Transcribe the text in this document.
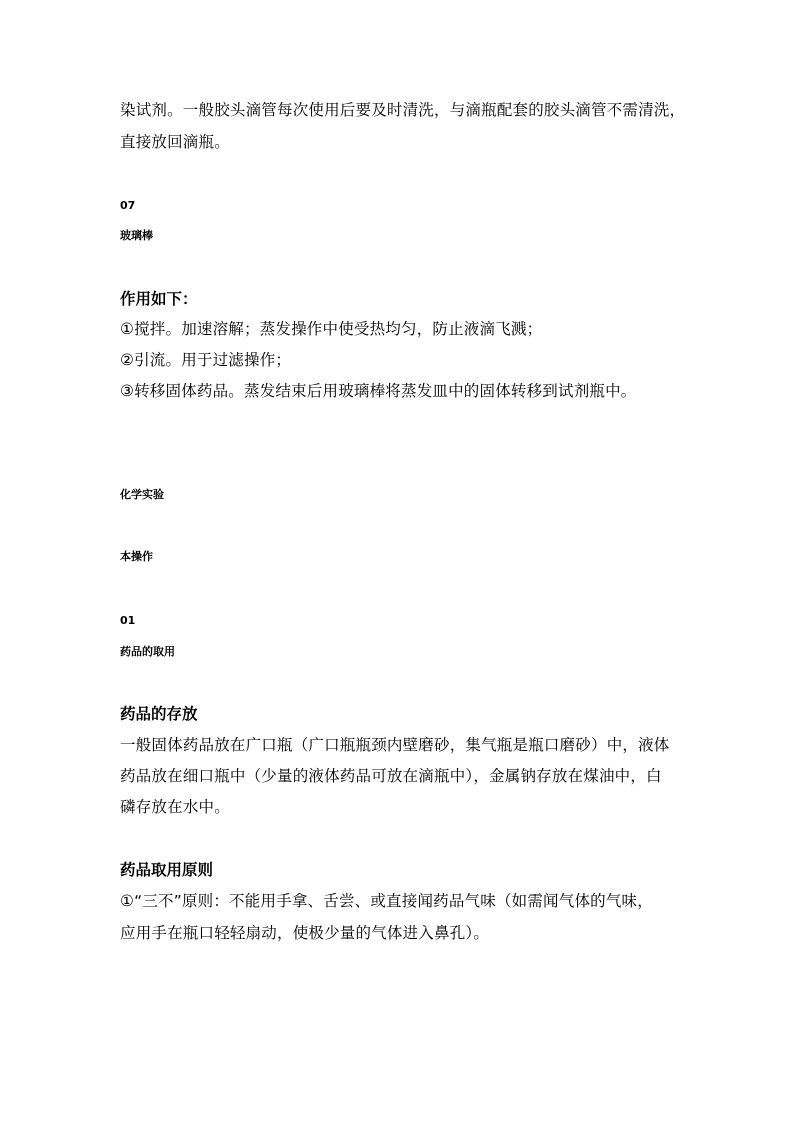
染试剂。一般胶头滴管每次使用后要及时清洗，与滴瓶配套的胶头滴管不需清洗，
直接放回滴瓶。
07
玻璃棒
作用如下：
①搅拌。加速溶解；蒸发操作中使受热均匀，防止液滴飞溅；
②引流。用于过滤操作；
③转移固体药品。蒸发结束后用玻璃棒将蒸发皿中的固体转移到试剂瓶中。
化学实验
本操作
01
药品的取用
药品的存放
一般固体药品放在广口瓶（广口瓶瓶颈内壁磨砂，集气瓶是瓶口磨砂）中，液体
药品放在细口瓶中（少量的液体药品可放在滴瓶中），金属钠存放在煤油中，白
磷存放在水中。
药品取用原则
①“三不”原则：不能用手拿、舌尝、或直接闻药品气味（如需闻气体的气味，
应用手在瓶口轻轻扇动，使极少量的气体进入鼻孔）。
